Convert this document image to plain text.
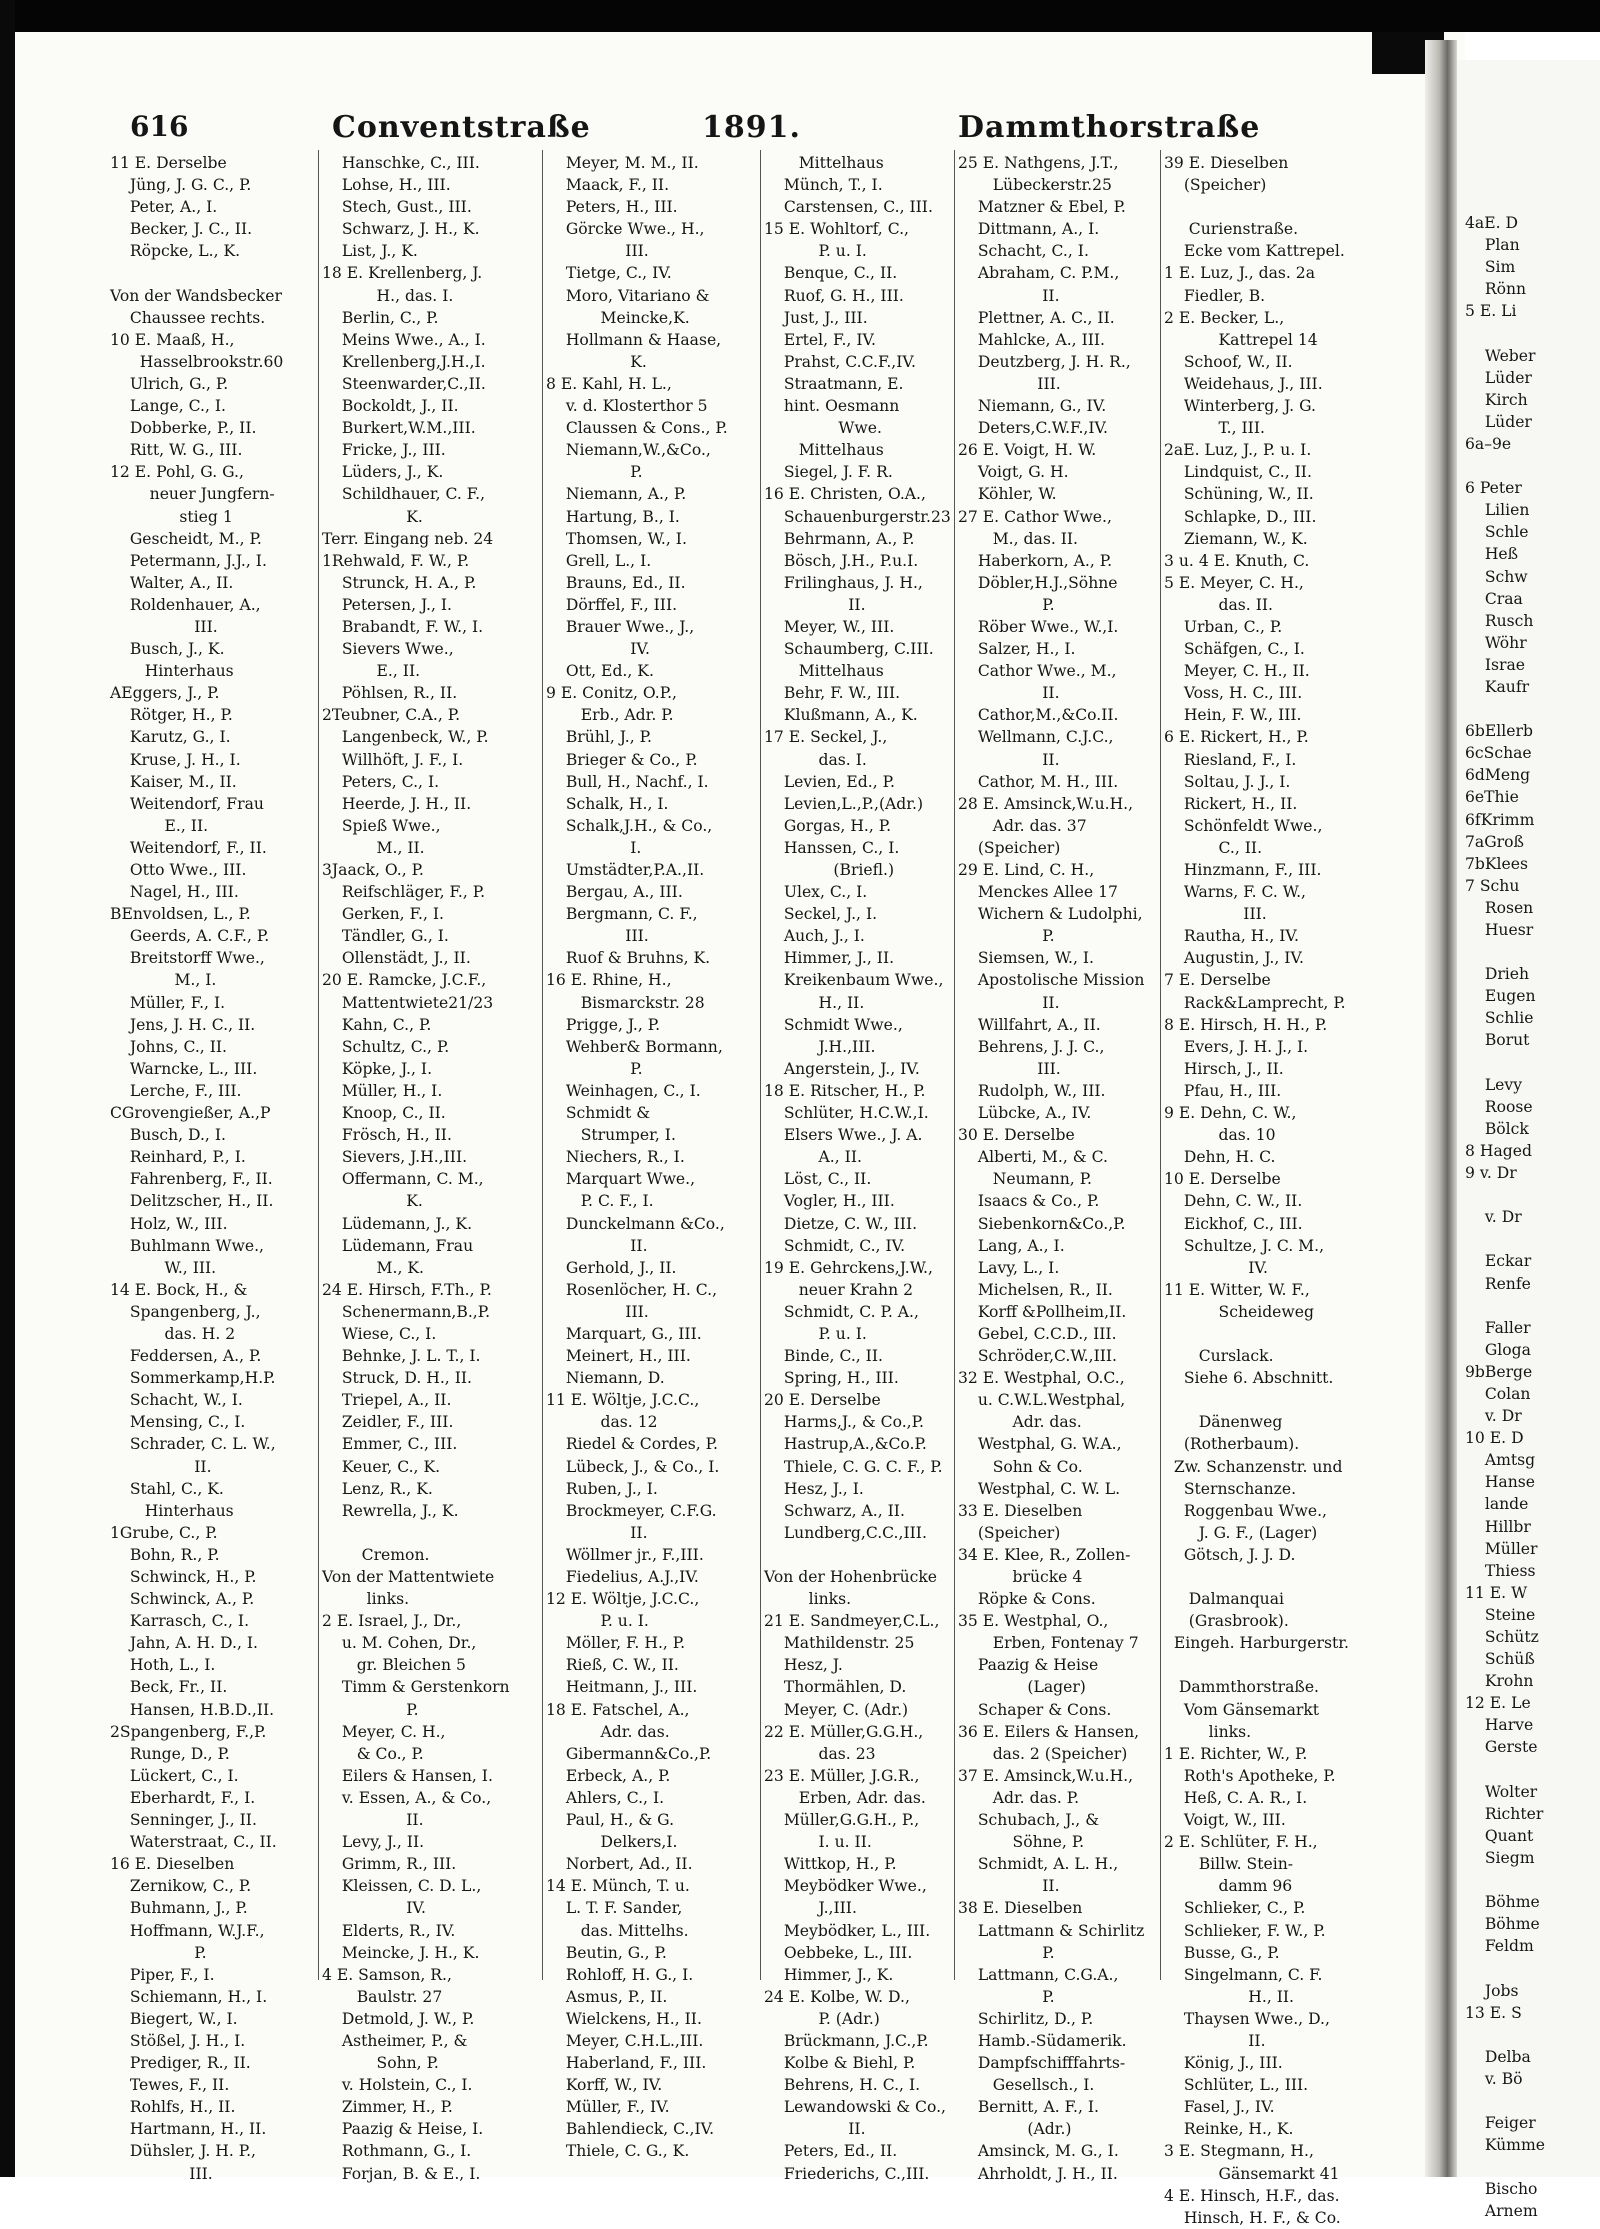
616	Conventstraße	1891.	Dammthorstraße
11 E. Derselbe
Jüng, J. G. C., P.
Peter, A., I.
Becker, J. C., II.
Röpcke, L., K.

Von der Wandsbecker
Chaussee rechts.
10 E. Maaß, H.,
Hasselbrookstr.60
Ulrich, G., P.
Lange, C., I.
Dobberke, P., II.
Ritt, W. G., III.
12 E. Pohl, G. G.,
neuer Jungfern-
stieg 1
Gescheidt, M., P.
Petermann, J.J., I.
Walter, A., II.
Roldenhauer, A.,
III.
Busch, J., K.
Hinterhaus
AEggers, J., P.
Rötger, H., P.
Karutz, G., I.
Kruse, J. H., I.
Kaiser, M., II.
Weitendorf, Frau
E., II.
Weitendorf, F., II.
Otto Wwe., III.
Nagel, H., III.
BEnvoldsen, L., P.
Geerds, A. C.F., P.
Breitstorff Wwe.,
M., I.
Müller, F., I.
Jens, J. H. C., II.
Johns, C., II.
Warncke, L., III.
Lerche, F., III.
CGrovengießer, A.,P
Busch, D., I.
Reinhard, P., I.
Fahrenberg, F., II.
Delitzscher, H., II.
Holz, W., III.
Buhlmann Wwe.,
W., III.
14 E. Bock, H., &
Spangenberg, J.,
das. H. 2
Feddersen, A., P.
Sommerkamp,H.P.
Schacht, W., I.
Mensing, C., I.
Schrader, C. L. W.,
II.
Stahl, C., K.
Hinterhaus
1Grube, C., P.
Bohn, R., P.
Schwinck, H., P.
Schwinck, A., P.
Karrasch, C., I.
Jahn, A. H. D., I.
Hoth, L., I.
Beck, Fr., II.
Hansen, H.B.D.,II.
2Spangenberg, F.,P.
Runge, D., P.
Lückert, C., I.
Eberhardt, F., I.
Senninger, J., II.
Waterstraat, C., II.
16 E. Dieselben
Zernikow, C., P.
Buhmann, J., P.
Hoffmann, W.J.F.,
P.
Piper, F., I.
Schiemann, H., I.
Biegert, W., I.
Stößel, J. H., I.
Prediger, R., II.
Tewes, F., II.
Rohlfs, H., II.
Hartmann, H., II.
Dühsler, J. H. P.,
III.
Hanschke, C., III.
Lohse, H., III.
Stech, Gust., III.
Schwarz, J. H., K.
List, J., K.
18 E. Krellenberg, J.
H., das. I.
Berlin, C., P.
Meins Wwe., A., I.
Krellenberg,J.H.,I.
Steenwarder,C.,II.
Bockoldt, J., II.
Burkert,W.M.,III.
Fricke, J., III.
Lüders, J., K.
Schildhauer, C. F.,
K.
Terr. Eingang neb. 24
1Rehwald, F. W., P.
Strunck, H. A., P.
Petersen, J., I.
Brabandt, F. W., I.
Sievers Wwe.,
E., II.
Pöhlsen, R., II.
2Teubner, C.A., P.
Langenbeck, W., P.
Willhöft, J. F., I.
Peters, C., I.
Heerde, J. H., II.
Spieß Wwe.,
M., II.
3Jaack, O., P.
Reifschläger, F., P.
Gerken, F., I.
Tändler, G., I.
Ollenstädt, J., II.
20 E. Ramcke, J.C.F.,
Mattentwiete21/23
Kahn, C., P.
Schultz, C., P.
Köpke, J., I.
Müller, H., I.
Knoop, C., II.
Frösch, H., II.
Sievers, J.H.,III.
Offermann, C. M.,
K.
Lüdemann, J., K.
Lüdemann, Frau
M., K.
24 E. Hirsch, F.Th., P.
Schenermann,B.,P.
Wiese, C., I.
Behnke, J. L. T., I.
Struck, D. H., II.
Triepel, A., II.
Zeidler, F., III.
Emmer, C., III.
Keuer, C., K.
Lenz, R., K.
Rewrella, J., K.

Cremon.
Von der Mattentwiete
links.
2 E. Israel, J., Dr.,
u. M. Cohen, Dr.,
gr. Bleichen 5
Timm & Gerstenkorn
P.
Meyer, C. H.,
& Co., P.
Eilers & Hansen, I.
v. Essen, A., & Co.,
II.
Levy, J., II.
Grimm, R., III.
Kleissen, C. D. L.,
IV.
Elderts, R., IV.
Meincke, J. H., K.
4 E. Samson, R.,
Baulstr. 27
Detmold, J. W., P.
Astheimer, P., &
Sohn, P.
v. Holstein, C., I.
Zimmer, H., P.
Paazig & Heise, I.
Rothmann, G., I.
Forjan, B. & E., I.
Meyer, M. M., II.
Maack, F., II.
Peters, H., III.
Görcke Wwe., H.,
III.
Tietge, C., IV.
Moro, Vitariano &
Meincke,K.
Hollmann & Haase,
K.
8 E. Kahl, H. L.,
v. d. Klosterthor 5
Claussen & Cons., P.
Niemann,W.,&Co.,
P.
Niemann, A., P.
Hartung, B., I.
Thomsen, W., I.
Grell, L., I.
Brauns, Ed., II.
Dörffel, F., III.
Brauer Wwe., J.,
IV.
Ott, Ed., K.
9 E. Conitz, O.P.,
Erb., Adr. P.
Brühl, J., P.
Brieger & Co., P.
Bull, H., Nachf., I.
Schalk, H., I.
Schalk,J.H., & Co.,
I.
Umstädter,P.A.,II.
Bergau, A., III.
Bergmann, C. F.,
III.
Ruof & Bruhns, K.
16 E. Rhine, H.,
Bismarckstr. 28
Prigge, J., P.
Wehber& Bormann,
P.
Weinhagen, C., I.
Schmidt &
Strumper, I.
Niechers, R., I.
Marquart Wwe.,
P. C. F., I.
Dunckelmann &Co.,
II.
Gerhold, J., II.
Rosenlöcher, H. C.,
III.
Marquart, G., III.
Meinert, H., III.
Niemann, D.
11 E. Wöltje, J.C.C.,
das. 12
Riedel & Cordes, P.
Lübeck, J., & Co., I.
Ruben, J., I.
Brockmeyer, C.F.G.
II.
Wöllmer jr., F.,III.
Fiedelius, A.J.,IV.
12 E. Wöltje, J.C.C.,
P. u. I.
Möller, F. H., P.
Rieß, C. W., II.
Heitmann, J., III.
18 E. Fatschel, A.,
Adr. das.
Gibermann&Co.,P.
Erbeck, A., P.
Ahlers, C., I.
Paul, H., & G.
Delkers,I.
Norbert, Ad., II.
14 E. Münch, T. u.
L. T. F. Sander,
das. Mittelhs.
Beutin, G., P.
Rohloff, H. G., I.
Asmus, P., II.
Wielckens, H., II.
Meyer, C.H.L.,III.
Haberland, F., III.
Korff, W., IV.
Müller, F., IV.
Bahlendieck, C.,IV.
Thiele, C. G., K.
Mittelhaus
Münch, T., I.
Carstensen, C., III.
15 E. Wohltorf, C.,
P. u. I.
Benque, C., II.
Ruof, G. H., III.
Just, J., III.
Ertel, F., IV.
Prahst, C.C.F.,IV.
Straatmann, E.
hint. Oesmann
Wwe.
Mittelhaus
Siegel, J. F. R.
16 E. Christen, O.A.,
Schauenburgerstr.23
Behrmann, A., P.
Bösch, J.H., P.u.I.
Frilinghaus, J. H.,
II.
Meyer, W., III.
Schaumberg, C.III.
Mittelhaus
Behr, F. W., III.
Klußmann, A., K.
17 E. Seckel, J.,
das. I.
Levien, Ed., P.
Levien,L.,P.,(Adr.)
Gorgas, H., P.
Hanssen, C., I.
(Briefl.)
Ulex, C., I.
Seckel, J., I.
Auch, J., I.
Himmer, J., II.
Kreikenbaum Wwe.,
H., II.
Schmidt Wwe.,
J.H.,III.
Angerstein, J., IV.
18 E. Ritscher, H., P.
Schlüter, H.C.W.,I.
Elsers Wwe., J. A.
A., II.
Löst, C., II.
Vogler, H., III.
Dietze, C. W., III.
Schmidt, C., IV.
19 E. Gehrckens,J.W.,
neuer Krahn 2
Schmidt, C. P. A.,
P. u. I.
Binde, C., II.
Spring, H., III.
20 E. Derselbe
Harms,J., & Co.,P.
Hastrup,A.,&Co.P.
Thiele, C. G. C. F., P.
Hesz, J., I.
Schwarz, A., II.
Lundberg,C.C.,III.

Von der Hohenbrücke
links.
21 E. Sandmeyer,C.L.,
Mathildenstr. 25
Hesz, J.
Thormählen, D.
Meyer, C. (Adr.)
22 E. Müller,G.G.H.,
das. 23
23 E. Müller, J.G.R.,
Erben, Adr. das.
Müller,G.G.H., P.,
I. u. II.
Wittkop, H., P.
Meybödker Wwe.,
J.,III.
Meybödker, L., III.
Oebbeke, L., III.
Himmer, J., K.
24 E. Kolbe, W. D.,
P. (Adr.)
Brückmann, J.C.,P.
Kolbe & Biehl, P.
Behrens, H. C., I.
Lewandowski & Co.,
II.
Peters, Ed., II.
Friederichs, C.,III.
25 E. Nathgens, J.T.,
Lübeckerstr.25
Matzner & Ebel, P.
Dittmann, A., I.
Schacht, C., I.
Abraham, C. P.M.,
II.
Plettner, A. C., II.
Mahlcke, A., III.
Deutzberg, J. H. R.,
III.
Niemann, G., IV.
Deters,C.W.F.,IV.
26 E. Voigt, H. W.
Voigt, G. H.
Köhler, W.
27 E. Cathor Wwe.,
M., das. II.
Haberkorn, A., P.
Döbler,H.J.,Söhne
P.
Röber Wwe., W.,I.
Salzer, H., I.
Cathor Wwe., M.,
II.
Cathor,M.,&Co.II.
Wellmann, C.J.C.,
II.
Cathor, M. H., III.
28 E. Amsinck,W.u.H.,
Adr. das. 37
(Speicher)
29 E. Lind, C. H.,
Menckes Allee 17
Wichern & Ludolphi,
P.
Siemsen, W., I.
Apostolische Mission
II.
Willfahrt, A., II.
Behrens, J. J. C.,
III.
Rudolph, W., III.
Lübcke, A., IV.
30 E. Derselbe
Alberti, M., & C.
Neumann, P.
Isaacs & Co., P.
Siebenkorn&Co.,P.
Lang, A., I.
Lavy, L., I.
Michelsen, R., II.
Korff &Pollheim,II.
Gebel, C.C.D., III.
Schröder,C.W.,III.
32 E. Westphal, O.C.,
u. C.W.L.Westphal,
Adr. das.
Westphal, G. W.A.,
Sohn & Co.
Westphal, C. W. L.
33 E. Dieselben
(Speicher)
34 E. Klee, R., Zollen-
brücke 4
Röpke & Cons.
35 E. Westphal, O.,
Erben, Fontenay 7
Paazig & Heise
(Lager)
Schaper & Cons.
36 E. Eilers & Hansen,
das. 2 (Speicher)
37 E. Amsinck,W.u.H.,
Adr. das. P.
Schubach, J., &
Söhne, P.
Schmidt, A. L. H.,
II.
38 E. Dieselben
Lattmann & Schirlitz
P.
Lattmann, C.G.A.,
P.
Schirlitz, D., P.
Hamb.-Südamerik.
Dampfschifffahrts-
Gesellsch., I.
Bernitt, A. F., I.
(Adr.)
Amsinck, M. G., I.
Ahrholdt, J. H., II.
39 E. Dieselben
(Speicher)

Curienstraße.
Ecke vom Kattrepel.
1 E. Luz, J., das. 2a
Fiedler, B.
2 E. Becker, L.,
Kattrepel 14
Schoof, W., II.
Weidehaus, J., III.
Winterberg, J. G.
T., III.
2aE. Luz, J., P. u. I.
Lindquist, C., II.
Schüning, W., II.
Schlapke, D., III.
Ziemann, W., K.
3 u. 4 E. Knuth, C.
5 E. Meyer, C. H.,
das. II.
Urban, C., P.
Schäfgen, C., I.
Meyer, C. H., II.
Voss, H. C., III.
Hein, F. W., III.
6 E. Rickert, H., P.
Riesland, F., I.
Soltau, J. J., I.
Rickert, H., II.
Schönfeldt Wwe.,
C., II.
Hinzmann, F., III.
Warns, F. C. W.,
III.
Rautha, H., IV.
Augustin, J., IV.
7 E. Derselbe
Rack&Lamprecht, P.
8 E. Hirsch, H. H., P.
Evers, J. H. J., I.
Hirsch, J., II.
Pfau, H., III.
9 E. Dehn, C. W.,
das. 10
Dehn, H. C.
10 E. Derselbe
Dehn, C. W., II.
Eickhof, C., III.
Schultze, J. C. M.,
IV.
11 E. Witter, W. F.,
Scheideweg

Curslack.
Siehe 6. Abschnitt.

Dänenweg
(Rotherbaum).
Zw. Schanzenstr. und
Sternschanze.
Roggenbau Wwe.,
J. G. F., (Lager)
Götsch, J. J. D.

Dalmanquai
(Grasbrook).
Eingeh. Harburgerstr.

Dammthorstraße.
Vom Gänsemarkt
links.
1 E. Richter, W., P.
Roth's Apotheke, P.
Heß, C. A. R., I.
Voigt, W., III.
2 E. Schlüter, F. H.,
Billw. Stein-
damm 96
Schlieker, C., P.
Schlieker, F. W., P.
Busse, G., P.
Singelmann, C. F.
H., II.
Thaysen Wwe., D.,
II.
König, J., III.
Schlüter, L., III.
Fasel, J., IV.
Reinke, H., K.
3 E. Stegmann, H.,
Gänsemarkt 41
4 E. Hinsch, H.F., das.
Hinsch, H. F., & Co.
4aE. D
Plan
Sim
Rönn
5 E. Li

Weber
Lüder
Kirch
Lüder
6a–9e

6 Peter
Lilien
Schle
Heß
Schw
Craa
Rusch
Wöhr
Israe
Kaufr

6bEllerb
6cSchae
6dMeng
6eThie
6fKrimm
7aGroß
7bKlees
7 Schu
Rosen
Huesr

Drieh
Eugen
Schlie
Borut

Levy
Roose
Bölck
8 Haged
9 v. Dr

v. Dr

Eckar
Renfe

Faller
Gloga
9bBerge
Colan
v. Dr
10 E. D
Amtsg
Hanse
lande
Hillbr
Müller
Thiess
11 E. W
Steine
Schütz
Schüß
Krohn
12 E. Le
Harve
Gerste

Wolter
Richter
Quant
Siegm

Böhme
Böhme
Feldm

Jobs
13 E. S

Delba
v. Bö

Feiger
Kümme

Bischo
Arnem
